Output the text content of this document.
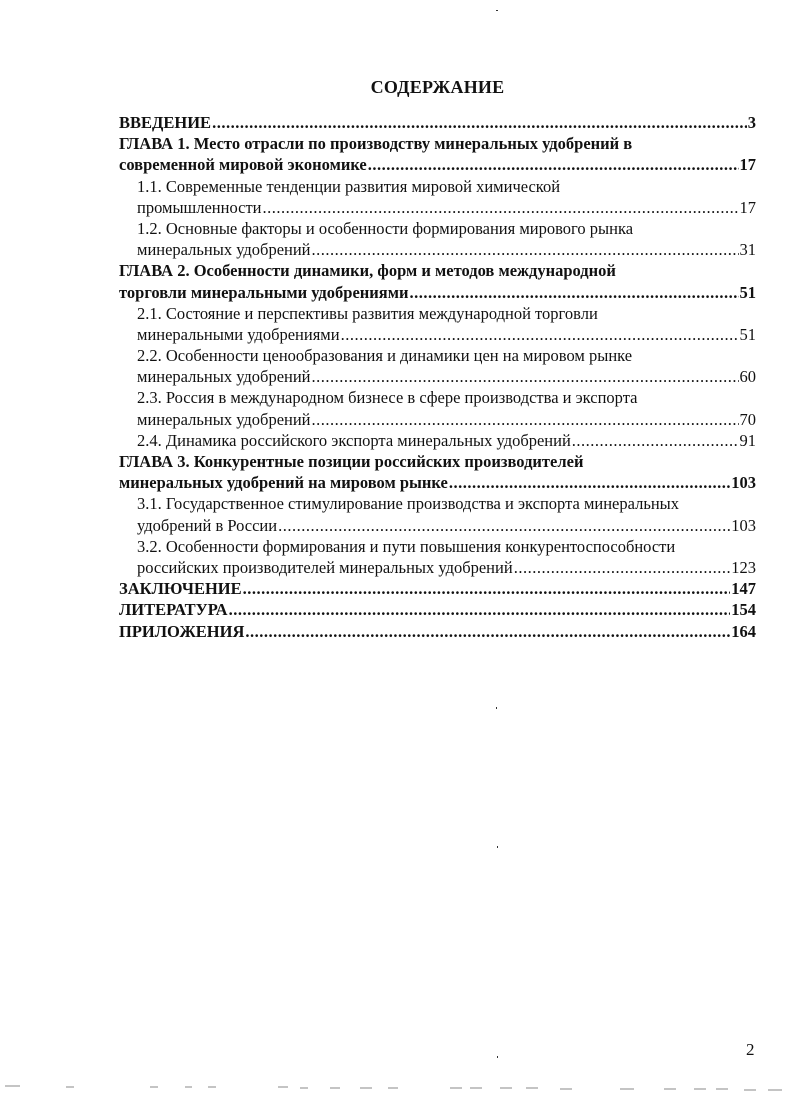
СОДЕРЖАНИЕ
ВВЕДЕНИЕ .....	3
ГЛАВА 1. Место отрасли по производству минеральных удобрений в
современной мировой экономике .....	17
1.1. Современные тенденции развития мировой химической
промышленности .....	17
1.2. Основные факторы и особенности формирования мирового рынка
минеральных удобрений .....	31
ГЛАВА 2. Особенности динамики, форм и методов международной
торговли минеральными удобрениями .....	51
2.1. Состояние и перспективы развития международной торговли
минеральными удобрениями .....	51
2.2. Особенности ценообразования и динамики цен на мировом рынке
минеральных удобрений .....	60
2.3. Россия в международном бизнесе в сфере производства и экспорта
минеральных удобрений .....	70
2.4. Динамика российского экспорта минеральных удобрений .....	91
ГЛАВА 3. Конкурентные позиции российских производителей
минеральных удобрений на мировом рынке .....	103
3.1. Государственное стимулирование производства и экспорта минеральных
удобрений в России .....	103
3.2. Особенности формирования и пути повышения конкурентоспособности
российских производителей минеральных удобрений .....	123
ЗАКЛЮЧЕНИЕ .....	147
ЛИТЕРАТУРА .....	154
ПРИЛОЖЕНИЯ .....	164
2
